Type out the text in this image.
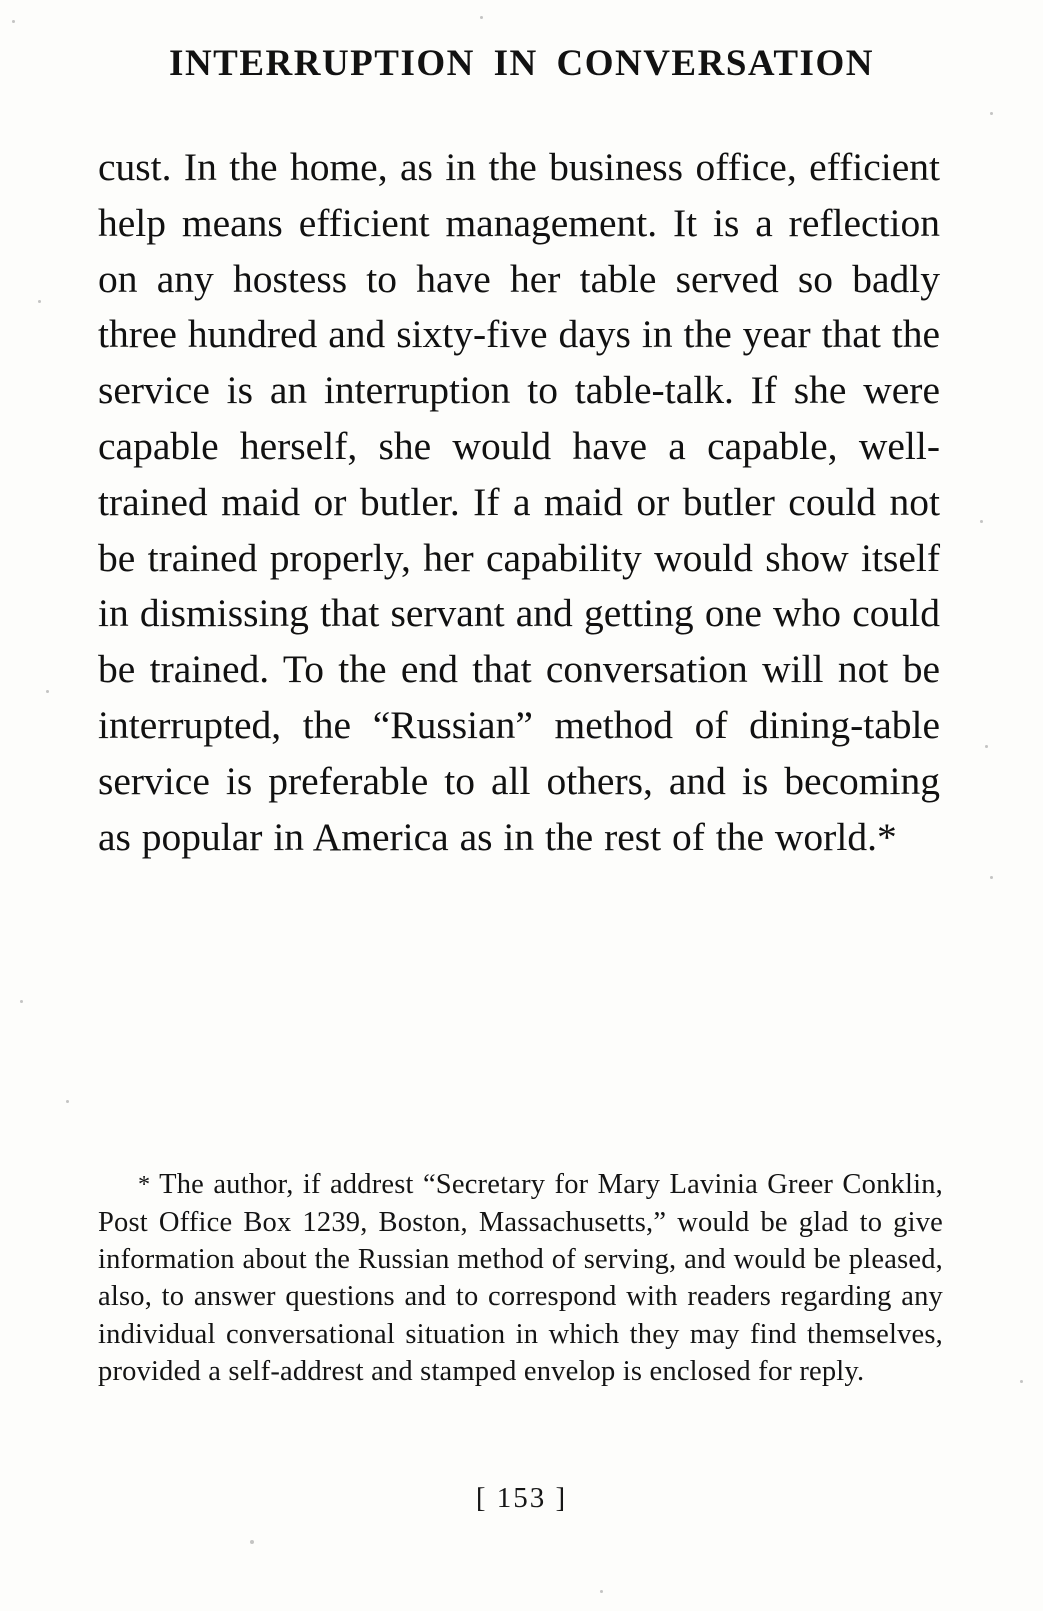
INTERRUPTION IN CONVERSATION

cust. In the home, as in the business office, efficient help means efficient management. It is a reflection on any hostess to have her table served so badly three hundred and sixty-five days in the year that the service is an interruption to table-talk. If she were capable herself, she would have a capable, well-trained maid or butler. If a maid or butler could not be trained properly, her capability would show itself in dismissing that servant and getting one who could be trained. To the end that conversation will not be interrupted, the “Russian” method of dining-table service is preferable to all others, and is becoming as popular in America as in the rest of the world.*

* The author, if addrest “Secretary for Mary Lavinia Greer Conklin, Post Office Box 1239, Boston, Massachusetts,” would be glad to give information about the Russian method of serving, and would be pleased, also, to answer questions and to correspond with readers regarding any individual conversational situation in which they may find themselves, provided a self-addrest and stamped envelop is enclosed for reply.

[ 153 ]
